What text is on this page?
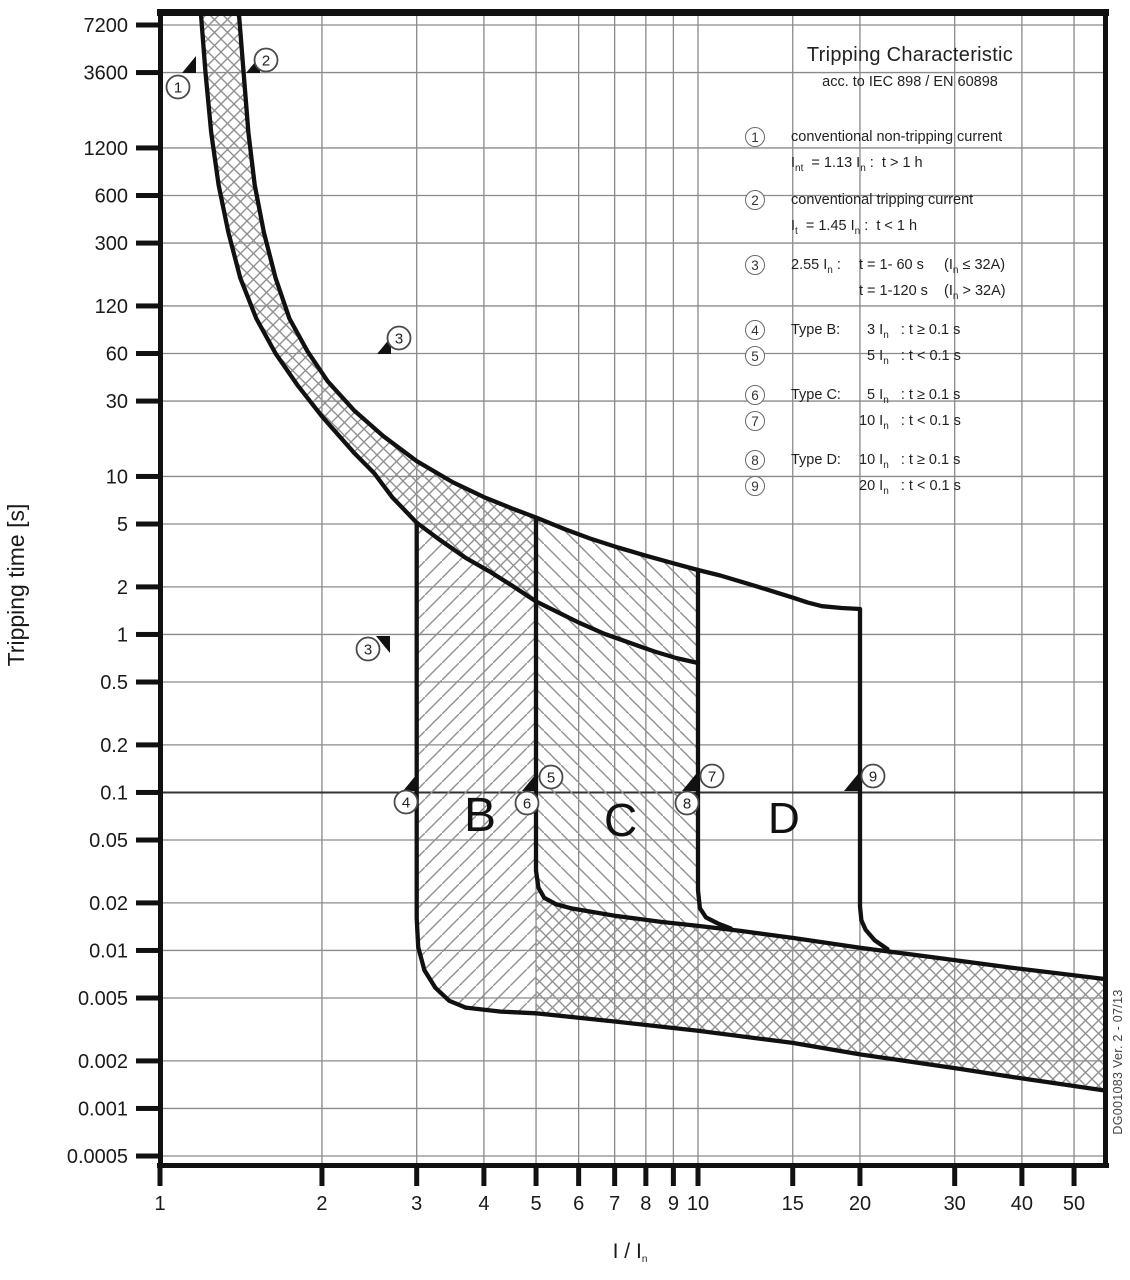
7200
3600
1200
600
300
120
60
30
10
5
2
1
0.5
0.2
0.1
0.05
0.02
0.01
0.005
0.002
0.001
0.0005
1	2	3	4 5 6 7 8 9 10	15 20	30 40 50
1
2
3
3
4
5
6
7
8
9
Tripping Characteristic
acc. to IEC 898 / EN 60898
1	conventional non-tripping current
$I_{nt} = 1.13$ $I_n$ :  t > 1 h
2	conventional tripping current
$I_t = 1.45$ $I_n$ :  t < 1 h
3	2.55 $I_n$ : t = 1- 60 s     $(I_n \le 32A)$
t = 1-120 s    $(I_n > 32A)$
4	Type B:  3 $I_n$   : t ≥ 0.1 s
5	5 $I_n$   : t < 0.1 s
6	Type C:  5 $I_n$   : t ≥ 0.1 s
7	10 $I_n$   : t < 0.1 s
8	Type D: 10 $I_n$   : t ≥ 0.1 s
9	20 $I_n$   : t < 0.1 s
Tripping time [s]
I / $I_n$
DG001083 Ver. 2 - 07/13
B C	D
